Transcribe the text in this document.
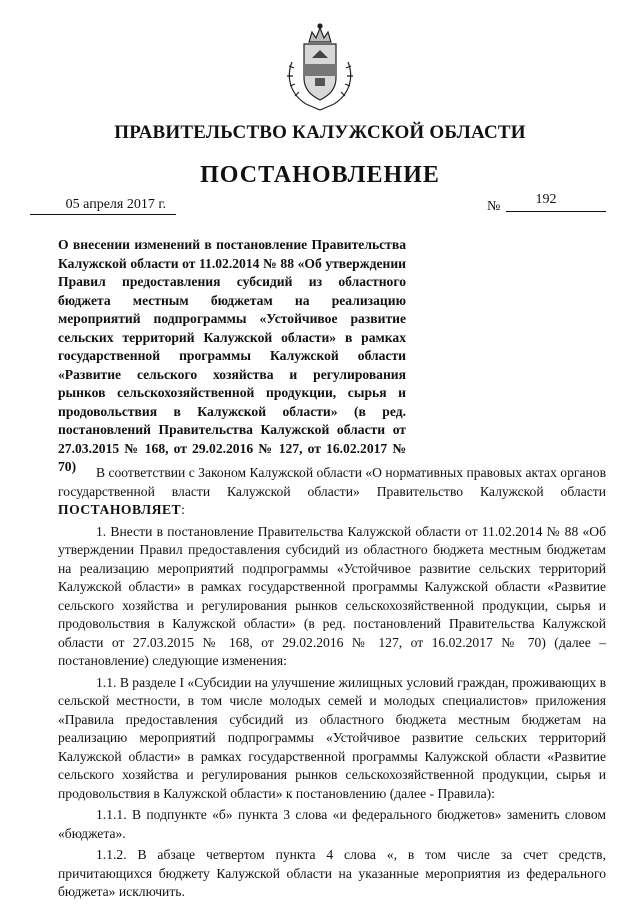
ПРАВИТЕЛЬСТВО КАЛУЖСКОЙ ОБЛАСТИ
ПОСТАНОВЛЕНИЕ
05 апреля 2017 г.	№	192
О внесении изменений в постановление Правительства Калужской области от 11.02.2014 № 88 «Об утверждении Правил предоставления субсидий из областного бюджета местным бюджетам на реализацию мероприятий подпрограммы «Устойчивое развитие сельских территорий Калужской области» в рамках государственной программы Калужской области «Развитие сельского хозяйства и регулирования рынков сельскохозяйственной продукции, сырья и продовольствия в Калужской области» (в ред. постановлений Правительства Калужской области от 27.03.2015 № 168, от 29.02.2016 № 127, от 16.02.2017 № 70)	В соответствии с Законом Калужской области «О нормативных правовых актах органов государственной власти Калужской области» Правительство Калужской области ПОСТАНОВЛЯЕТ:

1. Внести в постановление Правительства Калужской области от 11.02.2014 № 88 «Об утверждении Правил предоставления субсидий из областного бюджета местным бюджетам на реализацию мероприятий подпрограммы «Устойчивое развитие сельских территорий Калужской области» в рамках государственной программы Калужской области «Развитие сельского хозяйства и регулирования рынков сельскохозяйственной продукции, сырья и продовольствия в Калужской области» (в ред. постановлений Правительства Калужской области от 27.03.2015 № 168, от 29.02.2016 № 127, от 16.02.2017 № 70) (далее – постановление) следующие изменения:

1.1. В разделе I «Субсидии на улучшение жилищных условий граждан, проживающих в сельской местности, в том числе молодых семей и молодых специалистов» приложения «Правила предоставления субсидий из областного бюджета местным бюджетам на реализацию мероприятий подпрограммы «Устойчивое развитие сельских территорий Калужской области» в рамках государственной программы Калужской области «Развитие сельского хозяйства и регулирования рынков сельскохозяйственной продукции, сырья и продовольствия в Калужской области» к постановлению (далее - Правила):

1.1.1. В подпункте «б» пункта 3 слова «и федерального бюджетов» заменить словом «бюджета».

1.1.2. В абзаце четвертом пункта 4 слова «, в том числе за счет средств, причитающихся бюджету Калужской области на указанные мероприятия из федерального бюджета» исключить.
